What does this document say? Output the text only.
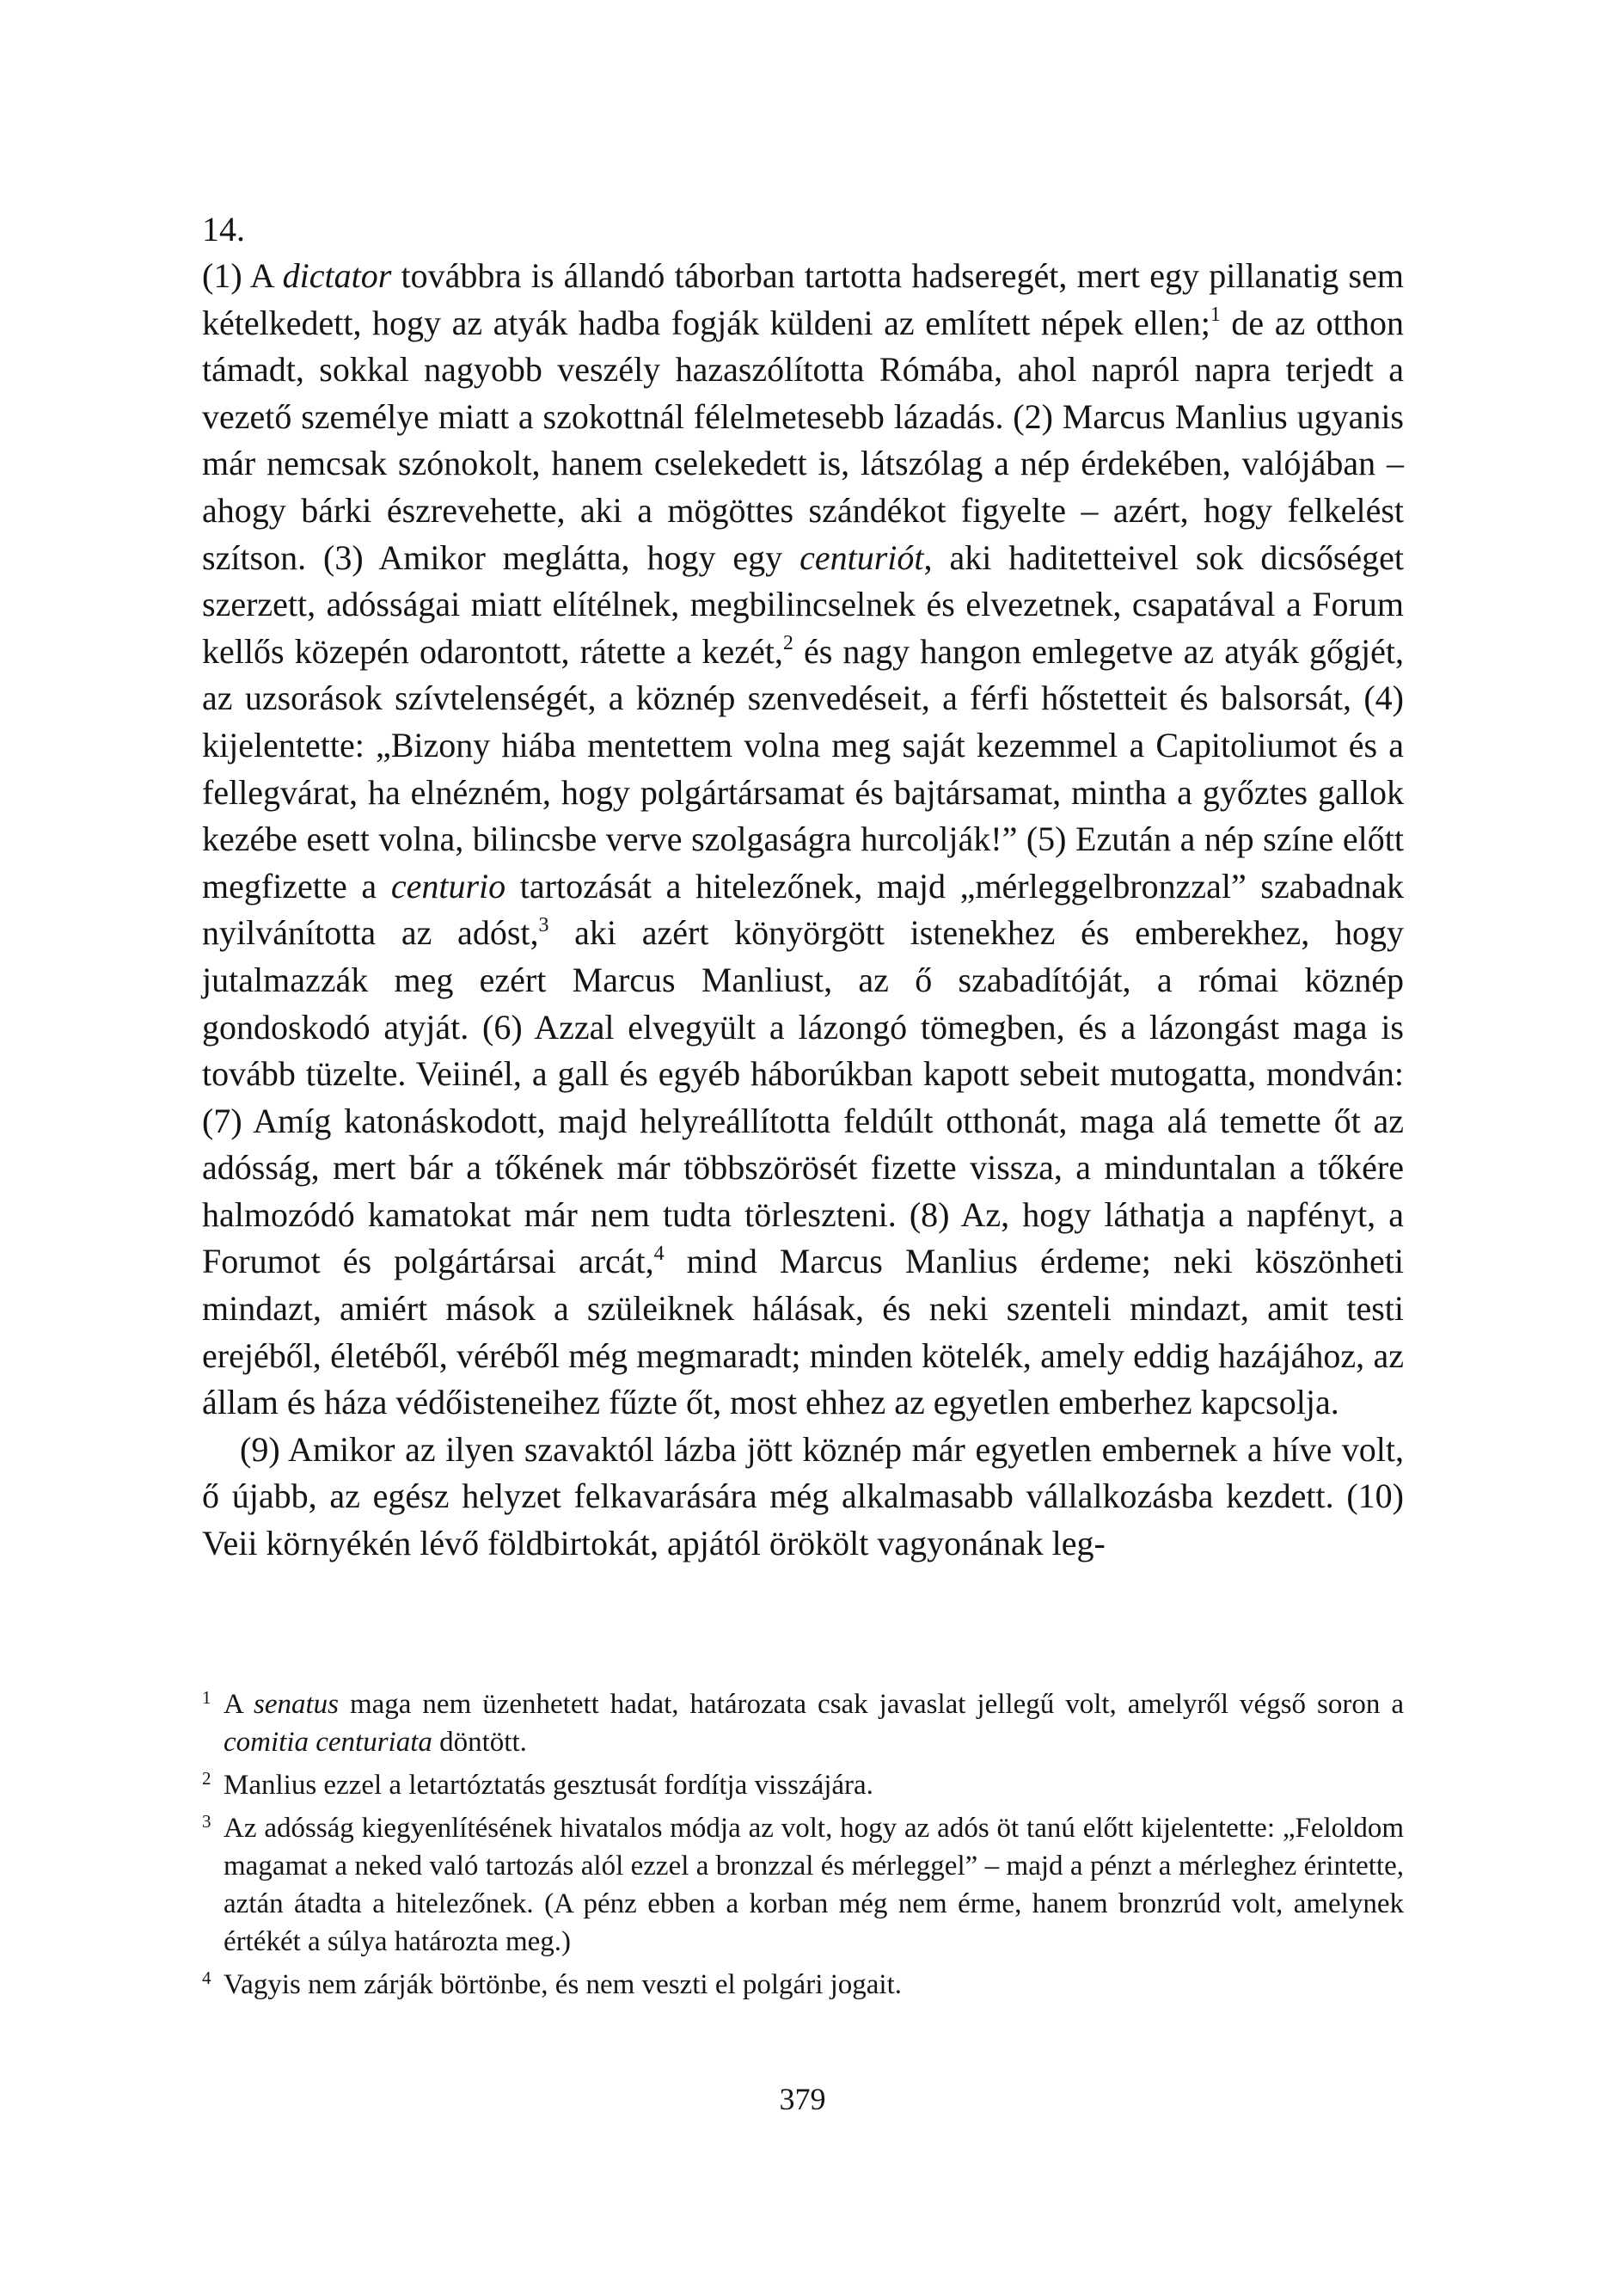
14.

(1) A dictator továbbra is állandó táborban tartotta hadseregét, mert egy pillanatig sem kételkedett, hogy az atyák hadba fogják küldeni az említett népek ellen;$^1$ de az otthon támadt, sokkal nagyobb veszély hazaszólította Rómába, ahol napról napra terjedt a vezető személye miatt a szokottnál félelmetesebb lázadás. (2) Marcus Manlius ugyanis már nemcsak szónokolt, hanem cselekedett is, látszólag a nép érdekében, valójában – ahogy bárki észrevehette, aki a mögöttes szándékot figyelte – azért, hogy felkelést szítson. (3) Amikor meglátta, hogy egy centuriót, aki haditetteivel sok dicsőséget szerzett, adósságai miatt elítélnek, megbilincselnek és elvezetnek, csapatával a Forum kellős közepén odarontott, rátette a kezét,$^2$ és nagy hangon emlegetve az atyák gőgjét, az uzsorások szívtelenségét, a köznép szenvedéseit, a férfi hőstetteit és balsorsát, (4) kijelentette: „Bizony hiába mentettem volna meg saját kezemmel a Capitoliumot és a fellegvárat, ha elnézném, hogy polgártársamat és bajtársamat, mintha a győztes gallok kezébe esett volna, bilincsbe verve szolgaságra hurcolják!” (5) Ezután a nép színe előtt megfizette a centurio tartozását a hitelezőnek, majd „mérleggelbronzzal” szabadnak nyilvánította az adóst,$^3$ aki azért könyörgött istenekhez és emberekhez, hogy jutalmazzák meg ezért Marcus Manliust, az ő szabadítóját, a római köznép gondoskodó atyját. (6) Azzal elvegyült a lázongó tömegben, és a lázongást maga is tovább tüzelte. Veiinél, a gall és egyéb háborúkban kapott sebeit mutogatta, mondván: (7) Amíg katonáskodott, majd helyreállította feldúlt otthonát, maga alá temette őt az adósság, mert bár a tőkének már többszörösét fizette vissza, a minduntalan a tőkére halmozódó kamatokat már nem tudta törleszteni. (8) Az, hogy láthatja a napfényt, a Forumot és polgártársai arcát,$^4$ mind Marcus Manlius érdeme; neki köszönheti mindazt, amiért mások a szüleiknek hálásak, és neki szenteli mindazt, amit testi erejéből, életéből, véréből még megmaradt; minden kötelék, amely eddig hazájához, az állam és háza védőisteneihez fűzte őt, most ehhez az egyetlen emberhez kapcsolja.

(9) Amikor az ilyen szavaktól lázba jött köznép már egyetlen embernek a híve volt, ő újabb, az egész helyzet felkavarására még alkalmasabb vállalkozásba kezdett. (10) Veii környékén lévő földbirtokát, apjától örökölt vagyonának leg-

1 A senatus maga nem üzenhetett hadat, határozata csak javaslat jellegű volt, amelyről végső soron a comitia centuriata döntött.

2 Manlius ezzel a letartóztatás gesztusát fordítja visszájára.

3 Az adósság kiegyenlítésének hivatalos módja az volt, hogy az adós öt tanú előtt kijelentette: „Feloldom magamat a neked való tartozás alól ezzel a bronzzal és mérleggel” – majd a pénzt a mérleghez érintette, aztán átadta a hitelezőnek. (A pénz ebben a korban még nem érme, hanem bronzrúd volt, amelynek értékét a súlya határozta meg.)

4 Vagyis nem zárják börtönbe, és nem veszti el polgári jogait.

379
